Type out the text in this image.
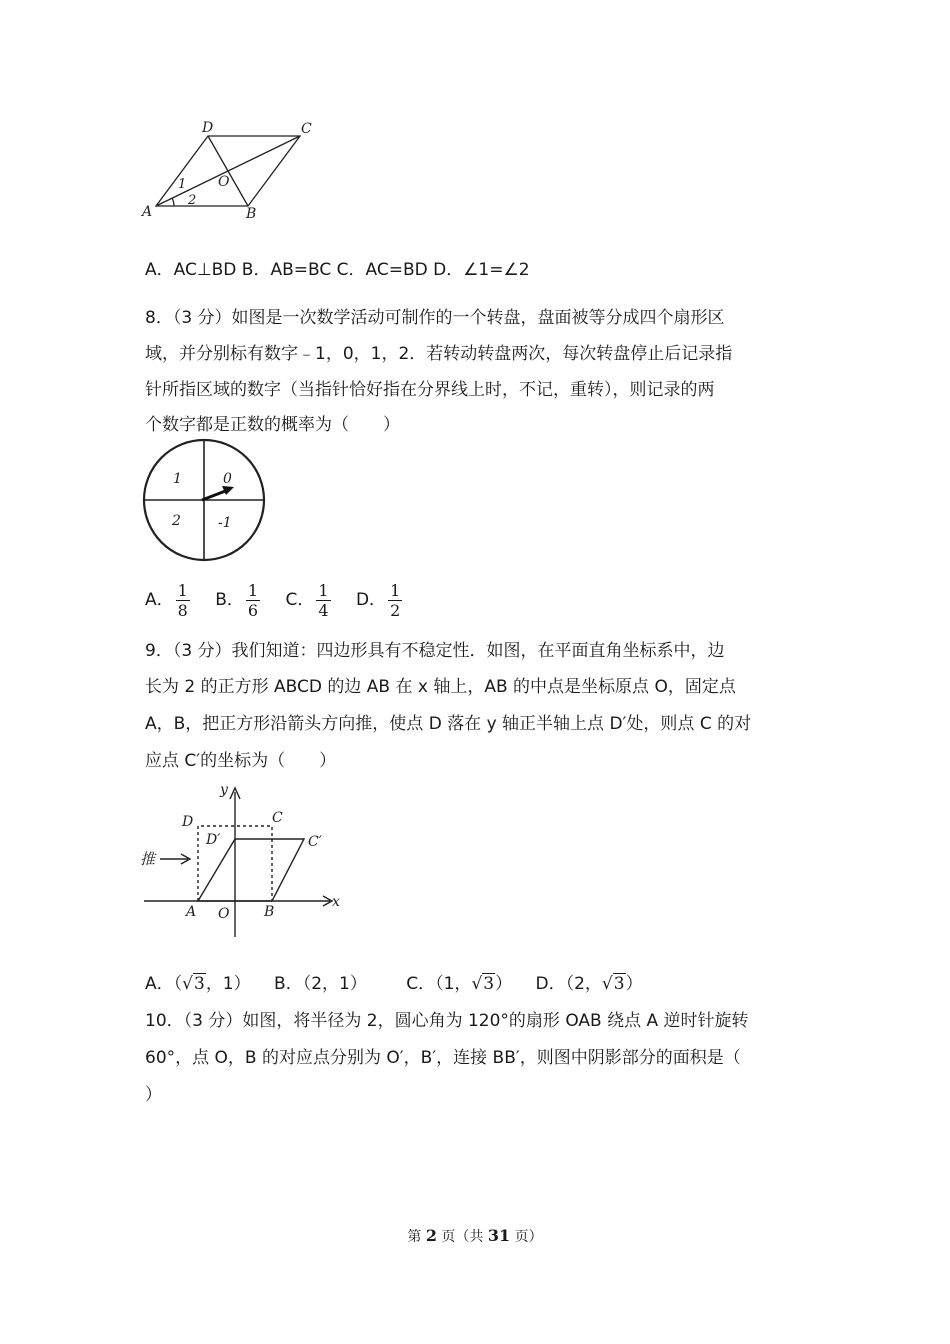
A	B
C
D
O
1
2
A．AC⊥BD B．AB=BC C．AC=BD D．∠1=∠2
8．（3 分）如图是一次数学活动可制作的一个转盘，盘面被等分成四个扇形区
域，并分别标有数字﹣1，0，1，2．若转动转盘两次，每次转盘停止后记录指
针所指区域的数字（当指针恰好指在分界线上时，不记，重转），则记录的两
个数字都是正数的概率为（　　）
1	0
2	-1
A． $\frac{1}{8}$ B． $\frac{1}{6}$ C． $\frac{1}{4}$ D． $\frac{1}{2}$
9．（3 分）我们知道：四边形具有不稳定性．如图，在平面直角坐标系中，边
长为 2 的正方形 ABCD 的边 AB 在 x 轴上，AB 的中点是坐标原点 O，固定点
A，B，把正方形沿箭头方向推，使点 D 落在 y 轴正半轴上点 D′处，则点 C 的对
应点 C′的坐标为（　　）
y
x
D	C
D′	C′
A O B
推
A．（√3，1） B．（2，1） C．（1，√3） D．（2，√3）
10．（3 分）如图，将半径为 2，圆心角为 120°的扇形 OAB 绕点 A 逆时针旋转
60°，点 O，B 的对应点分别为 O′，B′，连接 BB′，则图中阴影部分的面积是（
）
第 2 页（共 31 页）
